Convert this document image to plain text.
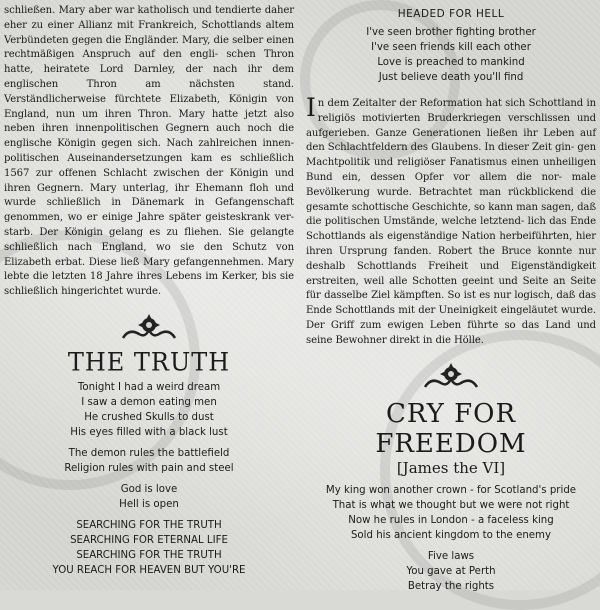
schließen. Mary aber war katholisch und tendierte daher eher zu einer Allianz mit Frankreich, Schottlands altem Verbündeten gegen die Engländer. Mary, die selber einen rechtmäßigen Anspruch auf den engli- schen Thron hatte, heiratete Lord Darnley, der nach ihr dem englischen Thron am nächsten stand. Verständlicherweise fürchtete Elizabeth, Königin von England, nun um ihren Thron. Mary hatte jetzt also neben ihren innenpolitischen Gegnern auch noch die englische Königin gegen sich. Nach zahlreichen innen- politischen Auseinandersetzungen kam es schließlich 1567 zur offenen Schlacht zwischen der Königin und ihren Gegnern. Mary unterlag, ihr Ehemann floh und wurde schließlich in Dänemark in Gefangenschaft genommen, wo er einige Jahre später geisteskrank ver- starb. Der Königin gelang es zu fliehen. Sie gelangte schließlich nach England, wo sie den Schutz von Elizabeth erbat. Diese ließ Mary gefangennehmen. Mary lebte die letzten 18 Jahre ihres Lebens im Kerker, bis sie schließlich hingerichtet wurde.
THE TRUTH
Tonight I had a weird dream
I saw a demon eating men
He crushed Skulls to dust
His eyes filled with a black lust
The demon rules the battlefield
Religion rules with pain and steel
God is love
Hell is open
SEARCHING FOR THE TRUTH
SEARCHING FOR ETERNAL LIFE
SEARCHING FOR THE TRUTH
YOU REACH FOR HEAVEN BUT YOU'RE
HEADED FOR HELL
I've seen brother fighting brother
I've seen friends kill each other
Love is preached to mankind
Just believe death you'll find
I n dem Zeitalter der Reformation hat sich Schottland in religiös motivierten Bruderkriegen verschlissen und aufgerieben. Ganze Generationen ließen ihr Leben auf den Schlachtfeldern des Glaubens. In dieser Zeit gin- gen Machtpolitik und religiöser Fanatismus einen unheiligen Bund ein, dessen Opfer vor allem die nor- male Bevölkerung wurde. Betrachtet man rückblickend die gesamte schottische Geschichte, so kann man sagen, daß die politischen Umstände, welche letztend- lich das Ende Schottlands als eigenständige Nation herbeiführten, hier ihren Ursprung fanden. Robert the Bruce konnte nur deshalb Schottlands Freiheit und Eigenständigkeit erstreiten, weil alle Schotten geeint und Seite an Seite für dasselbe Ziel kämpften. So ist es nur logisch, daß das Ende Schottlands mit der Uneinigkeit eingeläutet wurde. Der Griff zum ewigen Leben führte so das Land und seine Bewohner direkt in die Hölle.
CRY FOR FREEDOM
[James the VI]
My king won another crown - for Scotland's pride
That is what we thought but we were not right
Now he rules in London - a faceless king
Sold his ancient kingdom to the enemy
Five laws
You gave at Perth
Betray the rights
